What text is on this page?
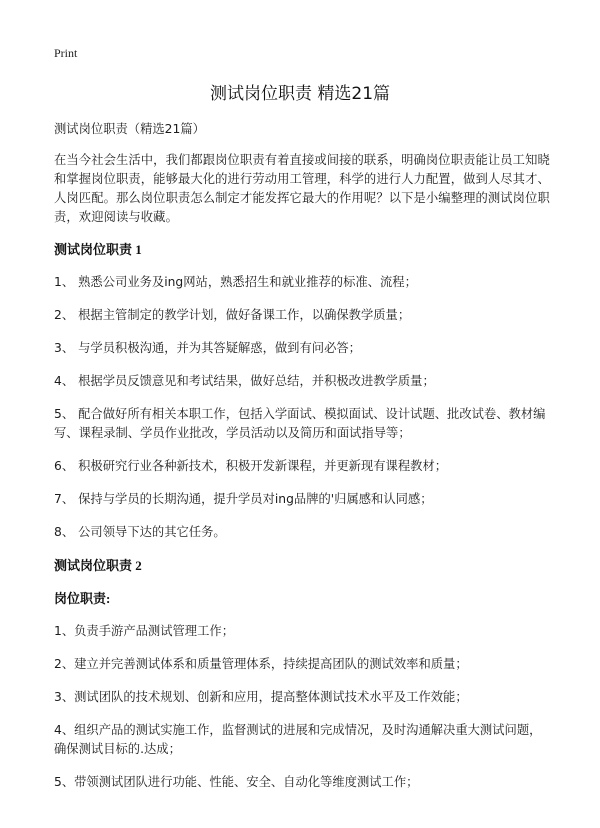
Print
测试岗位职责 精选21篇

测试岗位职责（精选21篇）

在当今社会生活中，我们都跟岗位职责有着直接或间接的联系，明确岗位职责能让员工知晓和掌握岗位职责，能够最大化的进行劳动用工管理，科学的进行人力配置，做到人尽其才、人岗匹配。那么岗位职责怎么制定才能发挥它最大的作用呢？以下是小编整理的测试岗位职责，欢迎阅读与收藏。

测试岗位职责 1
1、 熟悉公司业务及ing网站，熟悉招生和就业推荐的标准、流程；
2、 根据主管制定的教学计划，做好备课工作，以确保教学质量；
3、 与学员积极沟通，并为其答疑解惑，做到有问必答；
4、 根据学员反馈意见和考试结果，做好总结，并积极改进教学质量；
5、 配合做好所有相关本职工作，包括入学面试、模拟面试、设计试题、批改试卷、教材编写、课程录制、学员作业批改，学员活动以及简历和面试指导等；
6、 积极研究行业各种新技术，积极开发新课程，并更新现有课程教材；
7、 保持与学员的长期沟通，提升学员对ing品牌的'归属感和认同感；
8、 公司领导下达的其它任务。
测试岗位职责 2
岗位职责:
1、负责手游产品测试管理工作；
2、建立并完善测试体系和质量管理体系，持续提高团队的测试效率和质量；
3、测试团队的技术规划、创新和应用，提高整体测试技术水平及工作效能；
4、组织产品的测试实施工作，监督测试的进展和完成情况，及时沟通解决重大测试问题，确保测试目标的.达成；
5、带领测试团队进行功能、性能、安全、自动化等维度测试工作；
